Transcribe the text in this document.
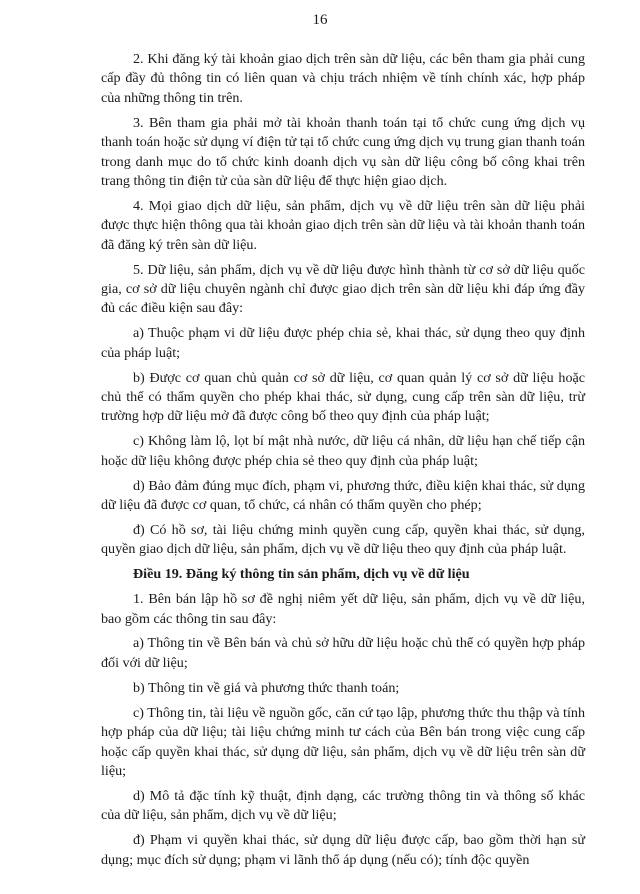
16

2. Khi đăng ký tài khoản giao dịch trên sàn dữ liệu, các bên tham gia phải cung cấp đầy đủ thông tin có liên quan và chịu trách nhiệm về tính chính xác, hợp pháp của những thông tin trên.

3. Bên tham gia phải mở tài khoản thanh toán tại tổ chức cung ứng dịch vụ thanh toán hoặc sử dụng ví điện tử tại tổ chức cung ứng dịch vụ trung gian thanh toán trong danh mục do tổ chức kinh doanh dịch vụ sàn dữ liệu công bố công khai trên trang thông tin điện tử của sàn dữ liệu để thực hiện giao dịch.

4. Mọi giao dịch dữ liệu, sản phẩm, dịch vụ về dữ liệu trên sàn dữ liệu phải được thực hiện thông qua tài khoản giao dịch trên sàn dữ liệu và tài khoản thanh toán đã đăng ký trên sàn dữ liệu.

5. Dữ liệu, sản phẩm, dịch vụ về dữ liệu được hình thành từ cơ sở dữ liệu quốc gia, cơ sở dữ liệu chuyên ngành chỉ được giao dịch trên sàn dữ liệu khi đáp ứng đầy đủ các điều kiện sau đây:

a) Thuộc phạm vi dữ liệu được phép chia sẻ, khai thác, sử dụng theo quy định của pháp luật;

b) Được cơ quan chủ quản cơ sở dữ liệu, cơ quan quản lý cơ sở dữ liệu hoặc chủ thể có thẩm quyền cho phép khai thác, sử dụng, cung cấp trên sàn dữ liệu, trừ trường hợp dữ liệu mở đã được công bố theo quy định của pháp luật;

c) Không làm lộ, lọt bí mật nhà nước, dữ liệu cá nhân, dữ liệu hạn chế tiếp cận hoặc dữ liệu không được phép chia sẻ theo quy định của pháp luật;

d) Bảo đảm đúng mục đích, phạm vi, phương thức, điều kiện khai thác, sử dụng dữ liệu đã được cơ quan, tổ chức, cá nhân có thẩm quyền cho phép;

đ) Có hồ sơ, tài liệu chứng minh quyền cung cấp, quyền khai thác, sử dụng, quyền giao dịch dữ liệu, sản phẩm, dịch vụ về dữ liệu theo quy định của pháp luật.

Điều 19. Đăng ký thông tin sản phẩm, dịch vụ về dữ liệu

1. Bên bán lập hồ sơ đề nghị niêm yết dữ liệu, sản phẩm, dịch vụ về dữ liệu, bao gồm các thông tin sau đây:

a) Thông tin về Bên bán và chủ sở hữu dữ liệu hoặc chủ thể có quyền hợp pháp đối với dữ liệu;

b) Thông tin về giá và phương thức thanh toán;

c) Thông tin, tài liệu về nguồn gốc, căn cứ tạo lập, phương thức thu thập và tính hợp pháp của dữ liệu; tài liệu chứng minh tư cách của Bên bán trong việc cung cấp hoặc cấp quyền khai thác, sử dụng dữ liệu, sản phẩm, dịch vụ về dữ liệu trên sàn dữ liệu;

d) Mô tả đặc tính kỹ thuật, định dạng, các trường thông tin và thông số khác của dữ liệu, sản phẩm, dịch vụ về dữ liệu;

đ) Phạm vi quyền khai thác, sử dụng dữ liệu được cấp, bao gồm thời hạn sử dụng; mục đích sử dụng; phạm vi lãnh thổ áp dụng (nếu có); tính độc quyền
